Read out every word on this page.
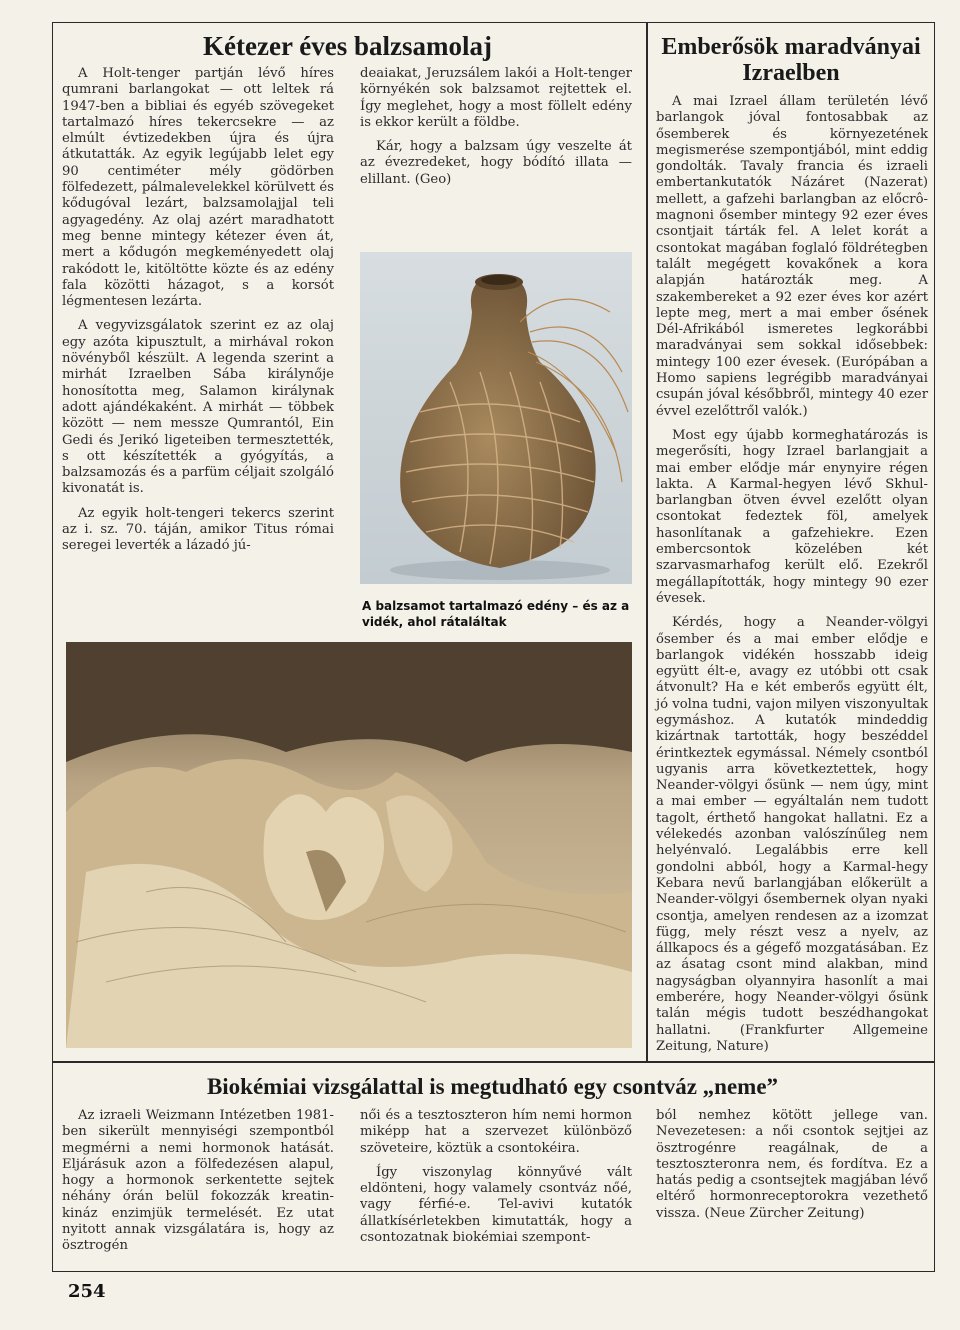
Kétezer éves balzsamolaj

A Holt-tenger partján lévő híres qumrani barlangokat — ott leltek rá 1947-ben a bibliai és egyéb szövegeket tartalmazó híres tekercsekre — az elmúlt évtizedekben újra és újra átkutatták. Az egyik legújabb lelet egy 90 centiméter mély gödörben fölfedezett, pálmalevelekkel körülvett és kődugóval lezárt, balzsamolajjal teli agyagedény. Az olaj azért maradhatott meg benne mintegy kétezer éven át, mert a kődugón megkeményedett olaj rakódott le, kitöltötte közte és az edény fala közötti házagot, s a korsót légmentesen lezárta.

A vegyvizsgálatok szerint ez az olaj egy azóta kipusztult, a mirhával rokon növényből készült. A legenda szerint a mirhát Izraelben Sába királynője honosította meg, Salamon királynak adott ajándékaként. A mirhát — többek között — nem messze Qumrantól, Ein Gedi és Jerikó ligeteiben termesztették, s ott készítették a gyógyítás, a balzsamozás és a parfüm céljait szolgáló kivonatát is.

Az egyik holt-tengeri tekercs szerint az i. sz. 70. táján, amikor Titus római seregei leverték a lázadó jú-

deaiakat, Jeruzsálem lakói a Holt-tenger környékén sok balzsamot rejtettek el. Így meglehet, hogy a most föllelt edény is ekkor került a földbe.

Kár, hogy a balzsam úgy veszelte át az évezredeket, hogy bódító illata — elillant. (Geo)

A balzsamot tartalmazó edény – és az a vidék, ahol rátaláltak
Emberősök maradványai
Izraelben

A mai Izrael állam területén lévő barlangok jóval fontosabbak az ősemberek és környezetének megismerése szempontjából, mint eddig gondolták. Tavaly francia és izraeli embertankutatók Názáret (Nazerat) mellett, a gafzehi barlangban az előcrô-magnoni ősember mintegy 92 ezer éves csontjait tárták fel. A lelet korát a csontokat magában foglaló földrétegben talált megégett kovakőnek a kora alapján határozták meg. A szakembereket a 92 ezer éves kor azért lepte meg, mert a mai ember ősének Dél-Afrikából ismeretes legkorábbi maradványai sem sokkal idősebbek: mintegy 100 ezer évesek. (Európában a Homo sapiens legrégibb maradványai csupán jóval későbbről, mintegy 40 ezer évvel ezelőttről valók.)

Most egy újabb kormeghatározás is megerősíti, hogy Izrael barlangjait a mai ember elődje már enynyire régen lakta. A Karmal-hegyen lévő Skhul-barlangban ötven évvel ezelőtt olyan csontokat fedeztek föl, amelyek hasonlítanak a gafzehiekre. Ezen embercsontok közelében két szarvasmarhafog került elő. Ezekről megállapították, hogy mintegy 90 ezer évesek.

Kérdés, hogy a Neander-völgyi ősember és a mai ember elődje e barlangok vidékén hosszabb ideig együtt élt-e, avagy ez utóbbi ott csak átvonult? Ha e két emberős együtt élt, jó volna tudni, vajon milyen viszonyultak egymáshoz. A kutatók mindeddig kizártnak tartották, hogy beszéddel érintkeztek egymással. Némely csontból ugyanis arra következtettek, hogy Neander-völgyi ősünk — nem úgy, mint a mai ember — egyáltalán nem tudott tagolt, érthető hangokat hallatni. Ez a vélekedés azonban valószínűleg nem helyénvaló. Legalábbis erre kell gondolni abból, hogy a Karmal-hegy Kebara nevű barlangjában előkerült a Neander-völgyi ősembernek olyan nyaki csontja, amelyen rendesen az a izomzat függ, mely részt vesz a nyelv, az állkapocs és a gégefő mozgatásában. Ez az ásatag csont mind alakban, mind nagyságban olyannyira hasonlít a mai emberére, hogy Neander-völgyi ősünk talán mégis tudott beszédhangokat hallatni. (Frankfurter Allgemeine Zeitung, Nature)

Biokémiai vizsgálattal is megtudható egy csontváz „neme”

Az izraeli Weizmann Intézetben 1981-ben sikerült mennyiségi szempontból megmérni a nemi hormonok hatását. Eljárásuk azon a fölfedezésen alapul, hogy a hormonok serkentette sejtek néhány órán belül fokozzák kreatin-kináz enzimjük termelését. Ez utat nyitott annak vizsgálatára is, hogy az ösztrogén

női és a tesztoszteron hím nemi hormon miképp hat a szervezet különböző szöveteire, köztük a csontokéira.

Így viszonylag könnyűvé vált eldönteni, hogy valamely csontváz nőé, vagy férfié-e. Tel-avivi kutatók állatkísérletekben kimutatták, hogy a csontozatnak biokémiai szempont-

ból nemhez kötött jellege van. Nevezetesen: a női csontok sejtjei az ösztrogénre reagálnak, de a tesztoszteronra nem, és fordítva. Ez a hatás pedig a csontsejtek magjában lévő eltérő hormonreceptorokra vezethető vissza. (Neue Zürcher Zeitung)

254
